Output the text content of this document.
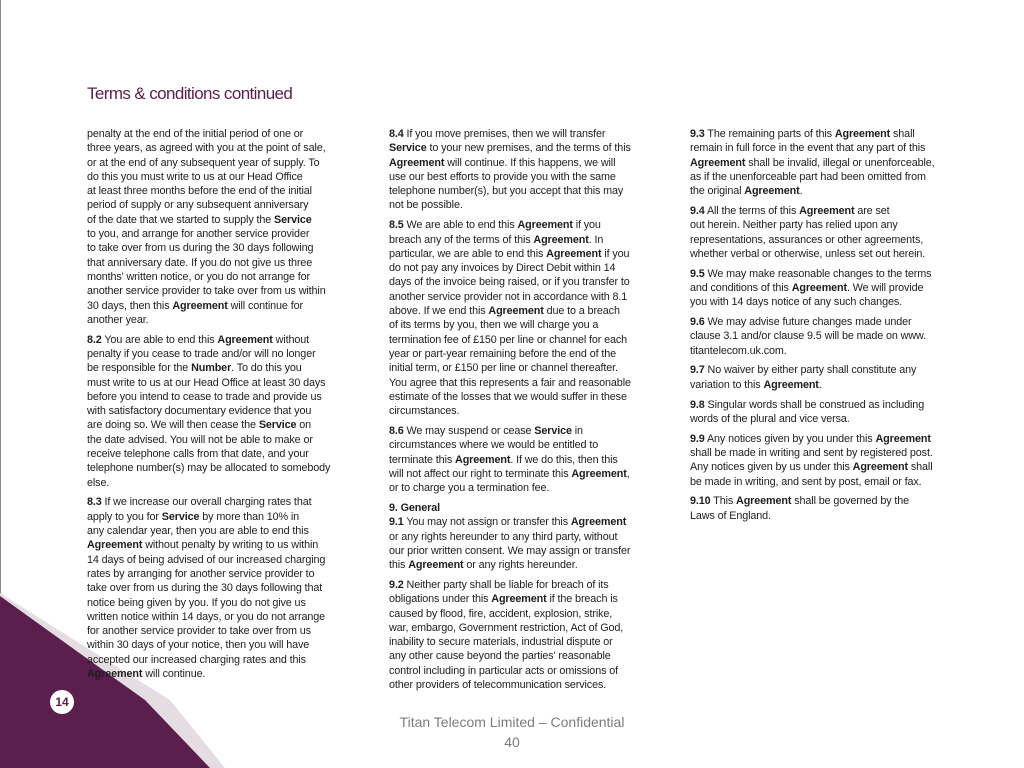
Terms & conditions continued
penalty at the end of the initial period of one or
three years, as agreed with you at the point of sale,
or at the end of any subsequent year of supply. To
do this you must write to us at our Head Office
at least three months before the end of the initial
period of supply or any subsequent anniversary
of the date that we started to supply the Service
to you, and arrange for another service provider
to take over from us during the 30 days following
that anniversary date. If you do not give us three
months' written notice, or you do not arrange for
another service provider to take over from us within
30 days, then this Agreement will continue for
another year.
8.2 You are able to end this Agreement without
penalty if you cease to trade and/or will no longer
be responsible for the Number. To do this you
must write to us at our Head Office at least 30 days
before you intend to cease to trade and provide us
with satisfactory documentary evidence that you
are doing so. We will then cease the Service on
the date advised. You will not be able to make or
receive telephone calls from that date, and your
telephone number(s) may be allocated to somebody
else.
8.3 If we increase our overall charging rates that
apply to you for Service by more than 10% in
any calendar year, then you are able to end this
Agreement without penalty by writing to us within
14 days of being advised of our increased charging
rates by arranging for another service provider to
take over from us during the 30 days following that
notice being given by you. If you do not give us
written notice within 14 days, or you do not arrange
for another service provider to take over from us
within 30 days of your notice, then you will have
accepted our increased charging rates and this
Agreement will continue.
8.4 If you move premises, then we will transfer
Service to your new premises, and the terms of this
Agreement will continue. If this happens, we will
use our best efforts to provide you with the same
telephone number(s), but you accept that this may
not be possible.
8.5 We are able to end this Agreement if you
breach any of the terms of this Agreement. In
particular, we are able to end this Agreement if you
do not pay any invoices by Direct Debit within 14
days of the invoice being raised, or if you transfer to
another service provider not in accordance with 8.1
above. If we end this Agreement due to a breach
of its terms by you, then we will charge you a
termination fee of £150 per line or channel for each
year or part-year remaining before the end of the
initial term, or £150 per line or channel thereafter.
You agree that this represents a fair and reasonable
estimate of the losses that we would suffer in these
circumstances.
8.6 We may suspend or cease Service in
circumstances where we would be entitled to
terminate this Agreement. If we do this, then this
will not affect our right to terminate this Agreement,
or to charge you a termination fee.
9. General
9.1 You may not assign or transfer this Agreement
or any rights hereunder to any third party, without
our prior written consent. We may assign or transfer
this Agreement or any rights hereunder.
9.2 Neither party shall be liable for breach of its
obligations under this Agreement if the breach is
caused by flood, fire, accident, explosion, strike,
war, embargo, Government restriction, Act of God,
inability to secure materials, industrial dispute or
any other cause beyond the parties' reasonable
control including in particular acts or omissions of
other providers of telecommunication services.
9.3 The remaining parts of this Agreement shall
remain in full force in the event that any part of this
Agreement shall be invalid, illegal or unenforceable,
as if the unenforceable part had been omitted from
the original Agreement.
9.4 All the terms of this Agreement are set
out herein. Neither party has relied upon any
representations, assurances or other agreements,
whether verbal or otherwise, unless set out herein.
9.5 We may make reasonable changes to the terms
and conditions of this Agreement. We will provide
you with 14 days notice of any such changes.
9.6 We may advise future changes made under
clause 3.1 and/or clause 9.5 will be made on www.
titantelecom.uk.com.
9.7 No waiver by either party shall constitute any
variation to this Agreement.
9.8 Singular words shall be construed as including
words of the plural and vice versa.
9.9 Any notices given by you under this Agreement
shall be made in writing and sent by registered post.
Any notices given by us under this Agreement shall
be made in writing, and sent by post, email or fax.
9.10 This Agreement shall be governed by the
Laws of England.
14
Titan Telecom Limited – Confidential
40
